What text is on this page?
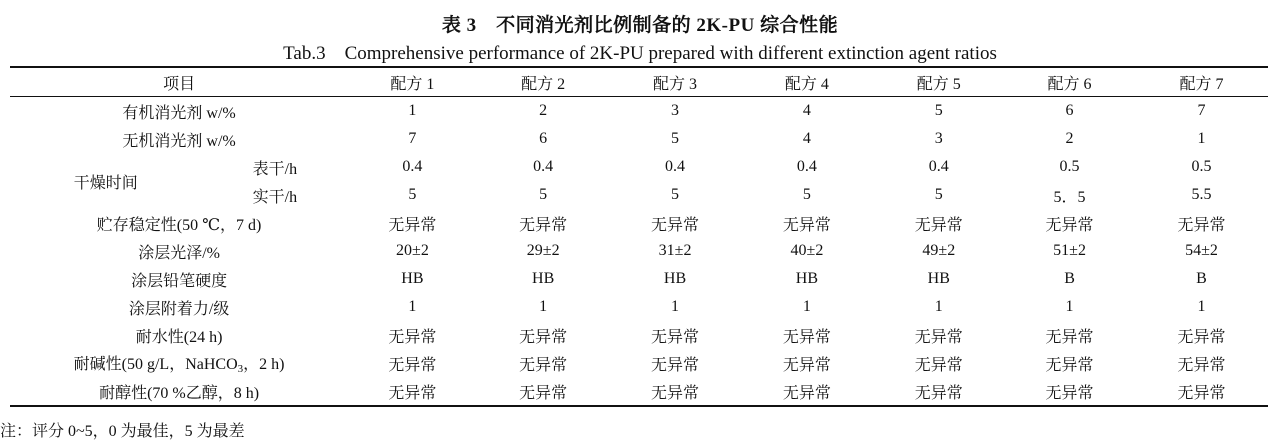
表 3　不同消光剂比例制备的 2K-PU 综合性能
Tab.3　Comprehensive performance of 2K-PU prepared with different extinction agent ratios
项目		配方 1	配方 2	配方 3	配方 4	配方 5	配方 6	配方 7
有机消光剂 w/%		1	2	3	4	5	6	7
无机消光剂 w/%		7	6	5	4	3	2	1
干燥时间	表干/h	0.4	0.4	0.4	0.4	0.4	0.5	0.5
	实干/h	5	5	5	5	5	5．5	5.5
贮存稳定性(50 ℃，7 d)		无异常	无异常	无异常	无异常	无异常	无异常	无异常
涂层光泽/%		20±2	29±2	31±2	40±2	49±2	51±2	54±2
涂层铅笔硬度		HB	HB	HB	HB	HB	B	B
涂层附着力/级		1	1	1	1	1	1	1
耐水性(24 h)		无异常	无异常	无异常	无异常	无异常	无异常	无异常
耐碱性(50 g/L，NaHCO$_3$，2 h)		无异常	无异常	无异常	无异常	无异常	无异常	无异常
耐醇性(70 %乙醇，8 h)		无异常	无异常	无异常	无异常	无异常	无异常	无异常
注：评分 0~5，0 为最佳，5 为最差
